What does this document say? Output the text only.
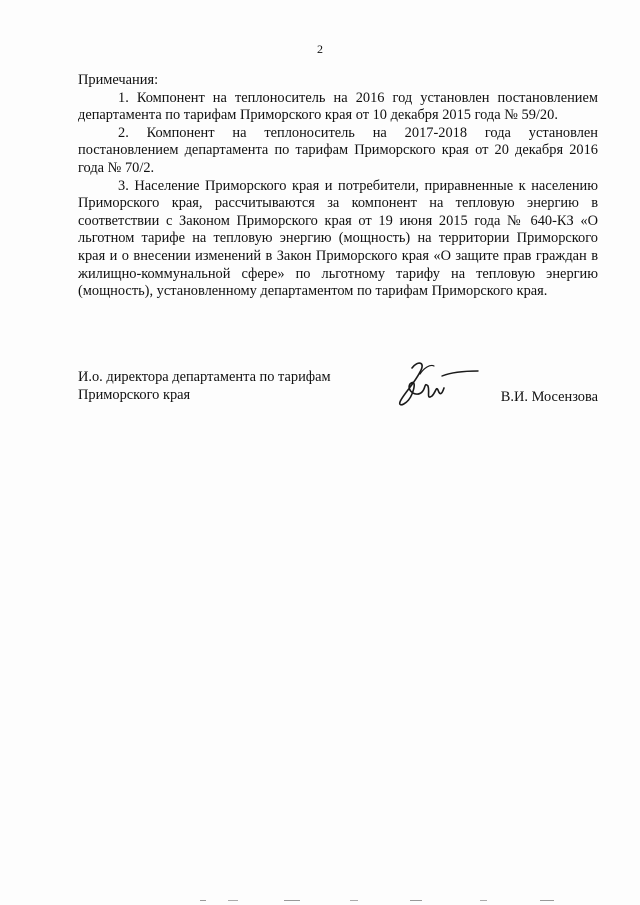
2

Примечания:

1. Компонент на теплоноситель на 2016 год установлен постановлением департамента по тарифам Приморского края от 10 декабря 2015 года № 59/20.

2. Компонент на теплоноситель на 2017-2018 года установлен постановлением департамента по тарифам Приморского края от 20 декабря 2016 года № 70/2.

3. Население Приморского края и потребители, приравненные к населению Приморского края, рассчитываются за компонент на тепловую энергию в соответствии с Законом Приморского края от 19 июня 2015 года № 640-КЗ «О льготном тарифе на тепловую энергию (мощность) на территории Приморского края и о внесении изменений в Закон Приморского края «О защите прав граждан в жилищно-коммунальной сфере» по льготному тарифу на тепловую энергию (мощность), установленному департаментом по тарифам Приморского края.

И.о. директора департамента по тарифам
Приморского края	В.И. Мосензова
